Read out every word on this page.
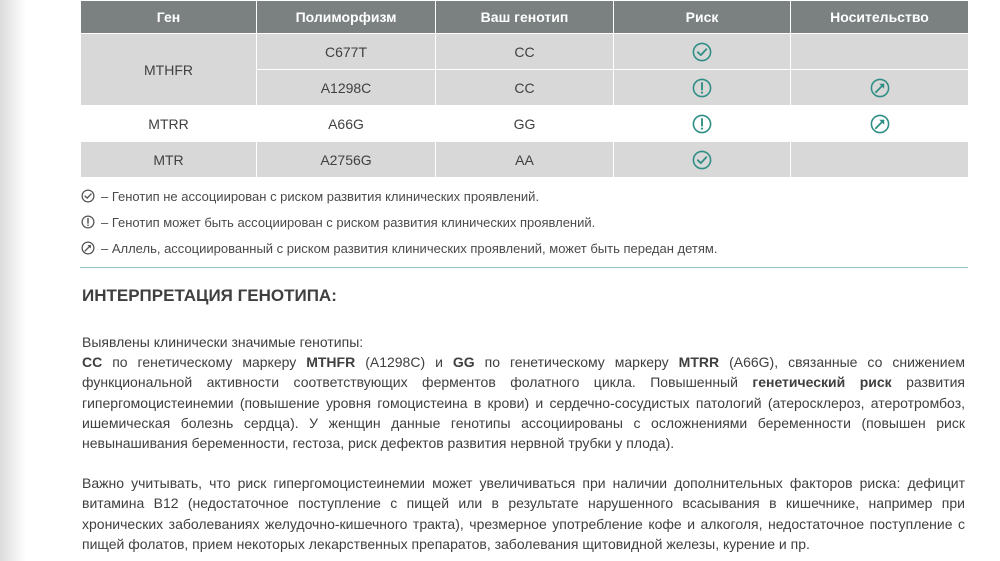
Ген	Полиморфизм	Ваш генотип	Риск	Носительство
MTHFR	C677T	CC		
	A1298C	CC		
MTRR	A66G	GG		
MTR	A2756G	AA		
– Генотип не ассоциирован с риском развития клинических проявлений.
– Генотип может быть ассоциирован с риском развития клинических проявлений.
– Аллель, ассоциированный с риском развития клинических проявлений, может быть передан детям.
ИНТЕРПРЕТАЦИЯ ГЕНОТИПА:
Выявлены клинически значимые генотипы:
CC по генетическому маркеру MTHFR (A1298C) и GG по генетическому маркеру MTRR (A66G), связанные со снижением функциональной активности соответствующих ферментов фолатного цикла. Повышенный генетический риск развития гипергомоцистеинемии (повышение уровня гомоцистеина в крови) и сердечно-сосудистых патологий (атеросклероз, атеротромбоз, ишемическая болезнь сердца). У женщин данные генотипы ассоциированы с осложнениями беременности (повышен риск невынашивания беременности, гестоза, риск дефектов развития нервной трубки у плода).
Важно учитывать, что риск гипергомоцистеинемии может увеличиваться при наличии дополнительных факторов риска: дефицит витамина B12 (недостаточное поступление с пищей или в результате нарушенного всасывания в кишечнике, например при хронических заболеваниях желудочно-кишечного тракта), чрезмерное употребление кофе и алкоголя, недостаточное поступление с пищей фолатов, прием некоторых лекарственных препаратов, заболевания щитовидной железы, курение и пр.
